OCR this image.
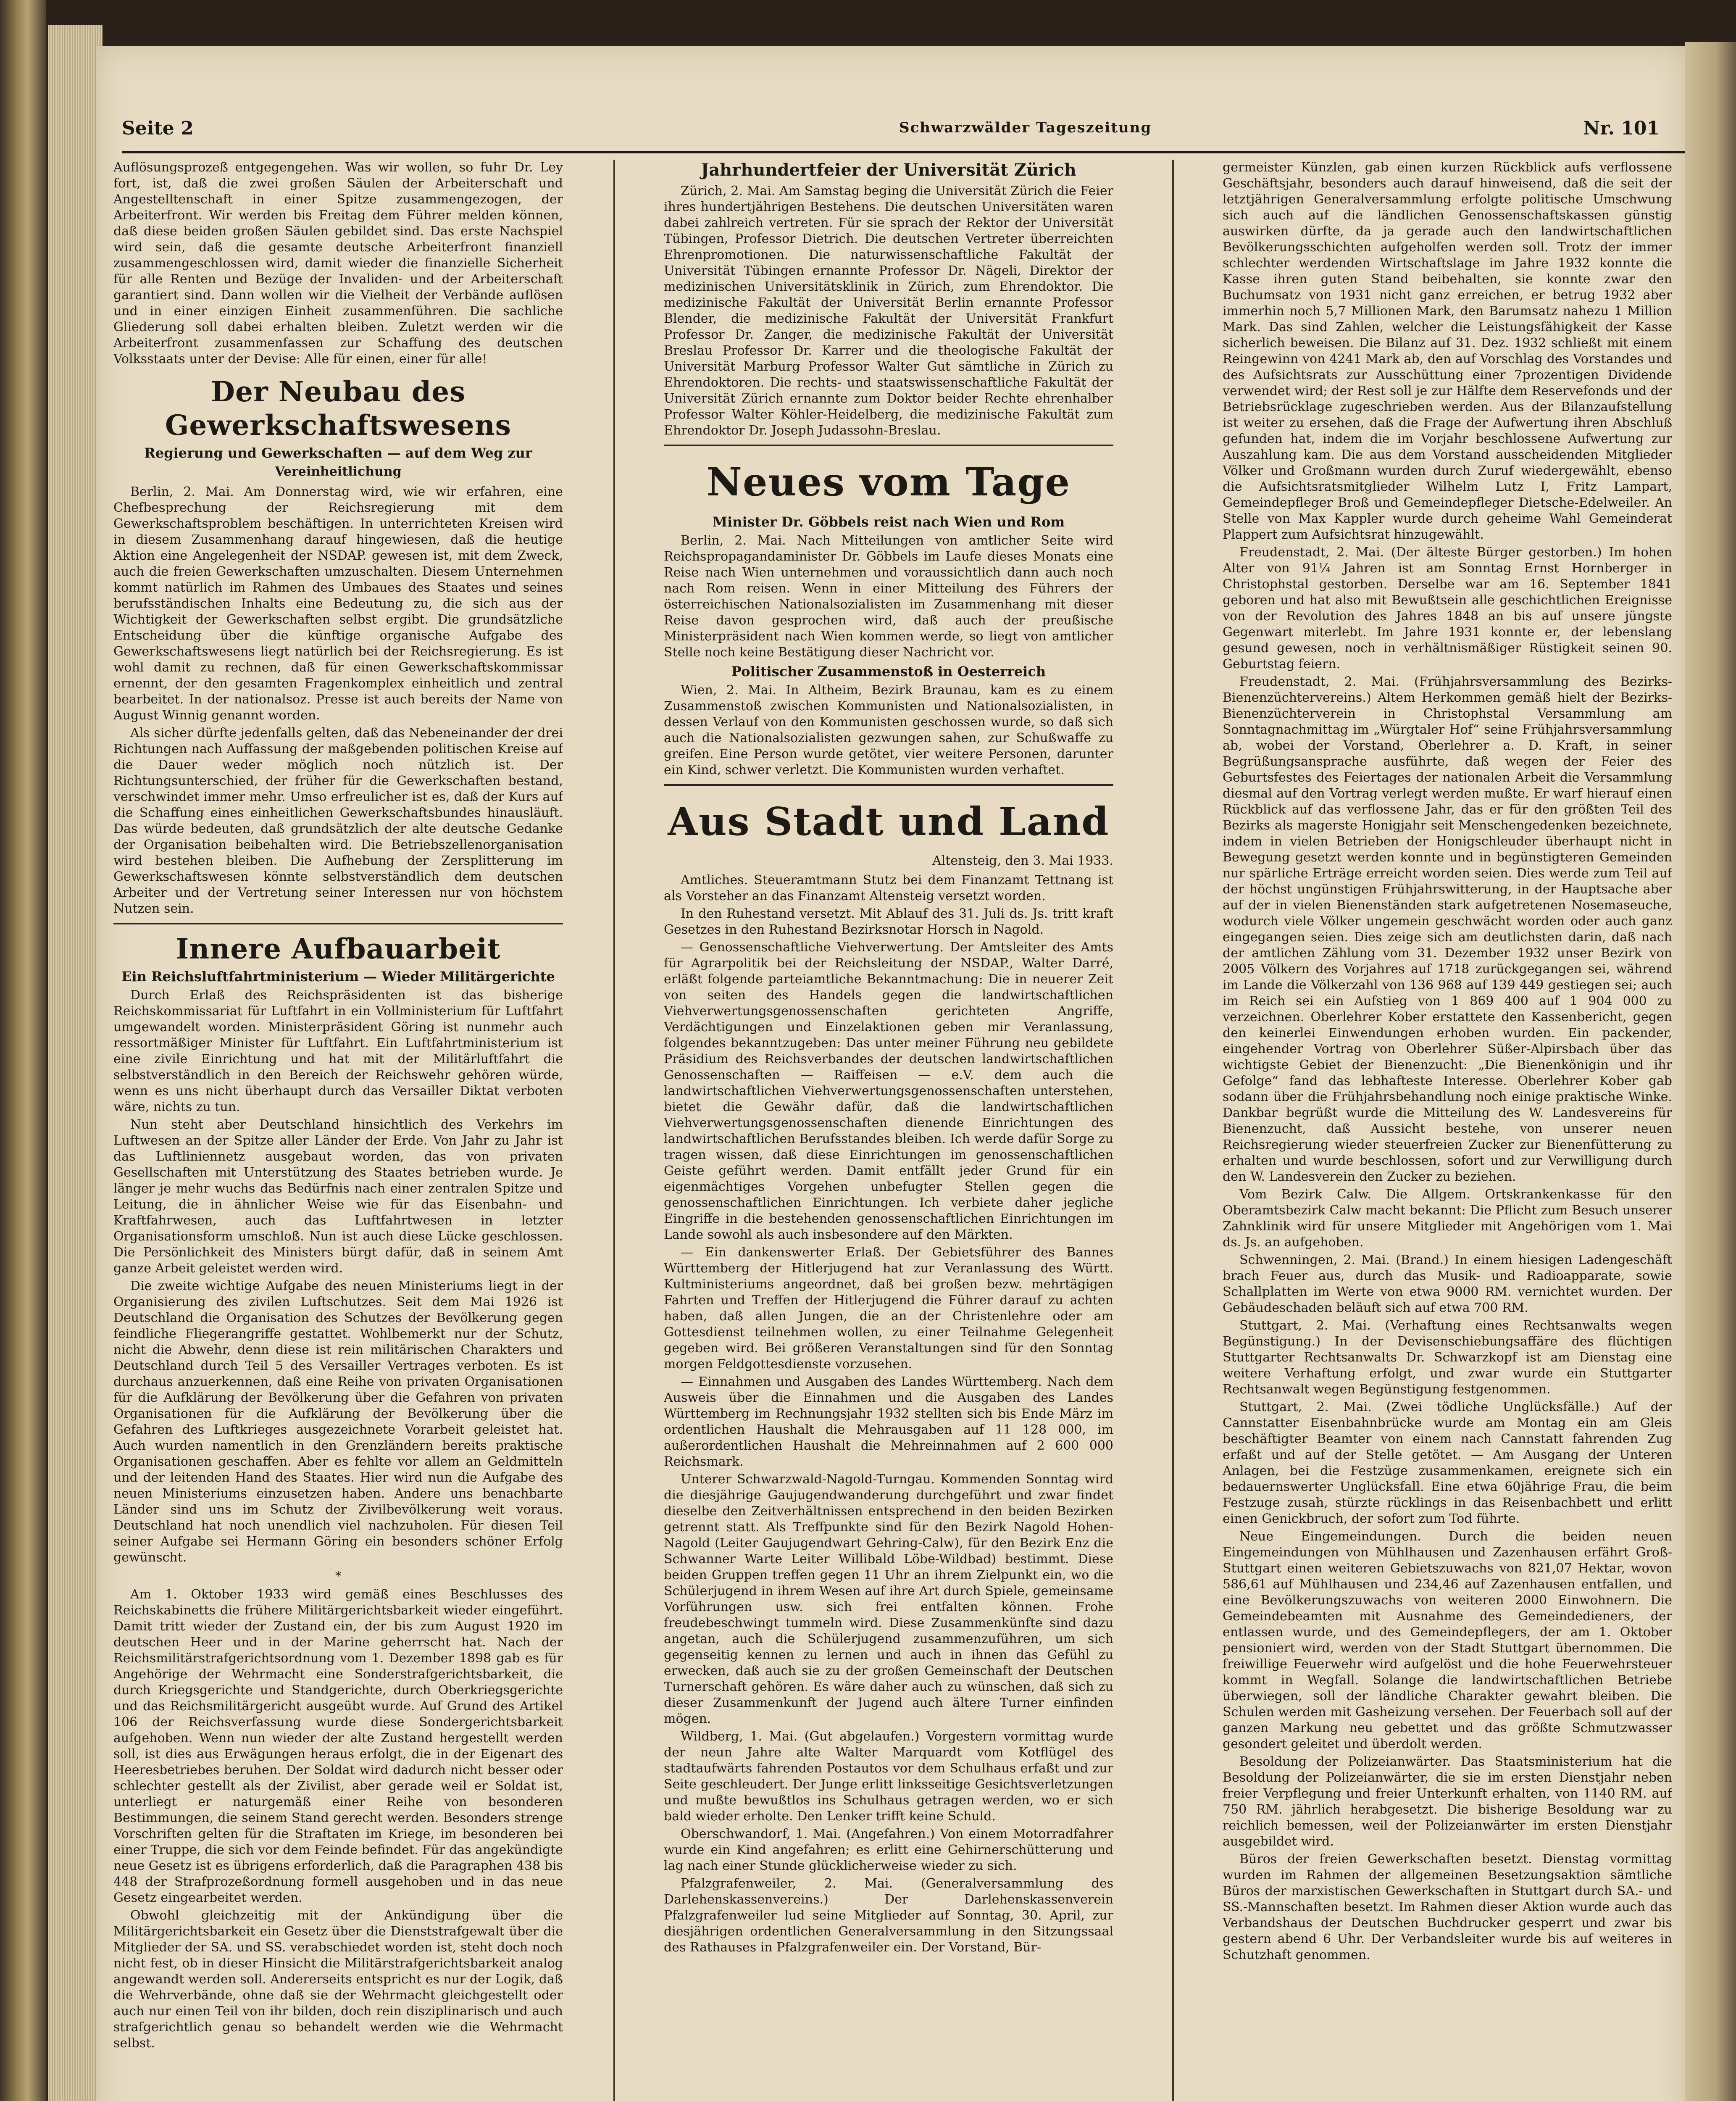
Seite 2	Schwarzwälder Tageszeitung	Nr. 101

Auflösungsprozeß entgegengehen. Was wir wollen, so fuhr Dr. Ley fort, ist, daß die zwei großen Säulen der Arbeiterschaft und Angestelltenschaft in einer Spitze zusammengezogen, der Arbeiterfront. Wir werden bis Freitag dem Führer melden können, daß diese beiden großen Säulen gebildet sind. Das erste Nachspiel wird sein, daß die gesamte deutsche Arbeiterfront finanziell zusammengeschlossen wird, damit wieder die finanzielle Sicherheit für alle Renten und Bezüge der Invaliden- und der Arbeiterschaft garantiert sind. Dann wollen wir die Vielheit der Verbände auflösen und in einer einzigen Einheit zusammenführen. Die sachliche Gliederung soll dabei erhalten bleiben. Zuletzt werden wir die Arbeiterfront zusammenfassen zur Schaffung des deutschen Volksstaats unter der Devise: Alle für einen, einer für alle!

Der Neubau des Gewerkschaftswesens
Regierung und Gewerkschaften — auf dem Weg zur
Vereinheitlichung

Berlin, 2. Mai. Am Donnerstag wird, wie wir erfahren, eine Chefbesprechung der Reichsregierung mit dem Gewerkschaftsproblem beschäftigen. In unterrichteten Kreisen wird in diesem Zusammenhang darauf hingewiesen, daß die heutige Aktion eine Angelegenheit der NSDAP. gewesen ist, mit dem Zweck, auch die freien Gewerkschaften umzuschalten. Diesem Unternehmen kommt natürlich im Rahmen des Umbaues des Staates und seines berufsständischen Inhalts eine Bedeutung zu, die sich aus der Wichtigkeit der Gewerkschaften selbst ergibt. Die grundsätzliche Entscheidung über die künftige organische Aufgabe des Gewerkschaftswesens liegt natürlich bei der Reichsregierung. Es ist wohl damit zu rechnen, daß für einen Gewerkschaftskommissar ernennt, der den gesamten Fragenkomplex einheitlich und zentral bearbeitet. In der nationalsoz. Presse ist auch bereits der Name von August Winnig genannt worden.

Als sicher dürfte jedenfalls gelten, daß das Nebeneinander der drei Richtungen nach Auffassung der maßgebenden politischen Kreise auf die Dauer weder möglich noch nützlich ist. Der Richtungsunterschied, der früher für die Gewerkschaften bestand, verschwindet immer mehr. Umso erfreulicher ist es, daß der Kurs auf die Schaffung eines einheitlichen Gewerkschaftsbundes hinausläuft. Das würde bedeuten, daß grundsätzlich der alte deutsche Gedanke der Organisation beibehalten wird. Die Betriebszellenorganisation wird bestehen bleiben. Die Aufhebung der Zersplitterung im Gewerkschaftswesen könnte selbstverständlich dem deutschen Arbeiter und der Vertretung seiner Interessen nur von höchstem Nutzen sein.

Innere Aufbauarbeit
Ein Reichsluftfahrtministerium — Wieder Militärgerichte

Durch Erlaß des Reichspräsidenten ist das bisherige Reichskommissariat für Luftfahrt in ein Vollministerium für Luftfahrt umgewandelt worden. Ministerpräsident Göring ist nunmehr auch ressortmäßiger Minister für Luftfahrt. Ein Luftfahrtministerium ist eine zivile Einrichtung und hat mit der Militärluftfahrt die selbstverständlich in den Bereich der Reichswehr gehören würde, wenn es uns nicht überhaupt durch das Versailler Diktat verboten wäre, nichts zu tun.

Nun steht aber Deutschland hinsichtlich des Verkehrs im Luftwesen an der Spitze aller Länder der Erde. Von Jahr zu Jahr ist das Luftliniennetz ausgebaut worden, das von privaten Gesellschaften mit Unterstützung des Staates betrieben wurde. Je länger je mehr wuchs das Bedürfnis nach einer zentralen Spitze und Leitung, die in ähnlicher Weise wie für das Eisenbahn- und Kraftfahrwesen, auch das Luftfahrtwesen in letzter Organisationsform umschloß. Nun ist auch diese Lücke geschlossen. Die Persönlichkeit des Ministers bürgt dafür, daß in seinem Amt ganze Arbeit geleistet werden wird.

Die zweite wichtige Aufgabe des neuen Ministeriums liegt in der Organisierung des zivilen Luftschutzes. Seit dem Mai 1926 ist Deutschland die Organisation des Schutzes der Bevölkerung gegen feindliche Fliegerangriffe gestattet. Wohlbemerkt nur der Schutz, nicht die Abwehr, denn diese ist rein militärischen Charakters und Deutschland durch Teil 5 des Versailler Vertrages verboten. Es ist durchaus anzuerkennen, daß eine Reihe von privaten Organisationen für die Aufklärung der Bevölkerung über die Gefahren von privaten Organisationen für die Aufklärung der Bevölkerung über die Gefahren des Luftkrieges ausgezeichnete Vorarbeit geleistet hat. Auch wurden namentlich in den Grenzländern bereits praktische Organisationen geschaffen. Aber es fehlte vor allem an Geldmitteln und der leitenden Hand des Staates. Hier wird nun die Aufgabe des neuen Ministeriums einzusetzen haben. Andere uns benachbarte Länder sind uns im Schutz der Zivilbevölkerung weit voraus. Deutschland hat noch unendlich viel nachzuholen. Für diesen Teil seiner Aufgabe sei Hermann Göring ein besonders schöner Erfolg gewünscht.

*

Am 1. Oktober 1933 wird gemäß eines Beschlusses des Reichskabinetts die frühere Militärgerichtsbarkeit wieder eingeführt. Damit tritt wieder der Zustand ein, der bis zum August 1920 im deutschen Heer und in der Marine geherrscht hat. Nach der Reichsmilitärstrafgerichtsordnung vom 1. Dezember 1898 gab es für Angehörige der Wehrmacht eine Sonderstrafgerichtsbarkeit, die durch Kriegsgerichte und Standgerichte, durch Oberkriegsgerichte und das Reichsmilitärgericht ausgeübt wurde. Auf Grund des Artikel 106 der Reichsverfassung wurde diese Sondergerichtsbarkeit aufgehoben. Wenn nun wieder der alte Zustand hergestellt werden soll, ist dies aus Erwägungen heraus erfolgt, die in der Eigenart des Heeresbetriebes beruhen. Der Soldat wird dadurch nicht besser oder schlechter gestellt als der Zivilist, aber gerade weil er Soldat ist, unterliegt er naturgemäß einer Reihe von besonderen Bestimmungen, die seinem Stand gerecht werden. Besonders strenge Vorschriften gelten für die Straftaten im Kriege, im besonderen bei einer Truppe, die sich vor dem Feinde befindet. Für das angekündigte neue Gesetz ist es übrigens erforderlich, daß die Paragraphen 438 bis 448 der Strafprozeßordnung formell ausgehoben und in das neue Gesetz eingearbeitet werden.

Obwohl gleichzeitig mit der Ankündigung über die Militärgerichtsbarkeit ein Gesetz über die Dienststrafgewalt über die Mitglieder der SA. und SS. verabschiedet worden ist, steht doch noch nicht fest, ob in dieser Hinsicht die Militärstrafgerichtsbarkeit analog angewandt werden soll. Andererseits entspricht es nur der Logik, daß die Wehrverbände, ohne daß sie der Wehrmacht gleichgestellt oder auch nur einen Teil von ihr bilden, doch rein disziplinarisch und auch strafgerichtlich genau so behandelt werden wie die Wehrmacht selbst.

Jahrhundertfeier der Universität Zürich

Zürich, 2. Mai. Am Samstag beging die Universität Zürich die Feier ihres hundertjährigen Bestehens. Die deutschen Universitäten waren dabei zahlreich vertreten. Für sie sprach der Rektor der Universität Tübingen, Professor Dietrich. Die deutschen Vertreter überreichten Ehrenpromotionen. Die naturwissenschaftliche Fakultät der Universität Tübingen ernannte Professor Dr. Nägeli, Direktor der medizinischen Universitätsklinik in Zürich, zum Ehrendoktor. Die medizinische Fakultät der Universität Berlin ernannte Professor Blender, die medizinische Fakultät der Universität Frankfurt Professor Dr. Zanger, die medizinische Fakultät der Universität Breslau Professor Dr. Karrer und die theologische Fakultät der Universität Marburg Professor Walter Gut sämtliche in Zürich zu Ehrendoktoren. Die rechts- und staatswissenschaftliche Fakultät der Universität Zürich ernannte zum Doktor beider Rechte ehrenhalber Professor Walter Köhler-Heidelberg, die medizinische Fakultät zum Ehrendoktor Dr. Joseph Judassohn-Breslau.

Neues vom Tage
Minister Dr. Göbbels reist nach Wien und Rom

Berlin, 2. Mai. Nach Mitteilungen von amtlicher Seite wird Reichspropagandaminister Dr. Göbbels im Laufe dieses Monats eine Reise nach Wien unternehmen und voraussichtlich dann auch noch nach Rom reisen. Wenn in einer Mitteilung des Führers der österreichischen Nationalsozialisten im Zusammenhang mit dieser Reise davon gesprochen wird, daß auch der preußische Ministerpräsident nach Wien kommen werde, so liegt von amtlicher Stelle noch keine Bestätigung dieser Nachricht vor.

Politischer Zusammenstoß in Oesterreich

Wien, 2. Mai. In Altheim, Bezirk Braunau, kam es zu einem Zusammenstoß zwischen Kommunisten und Nationalsozialisten, in dessen Verlauf von den Kommunisten geschossen wurde, so daß sich auch die Nationalsozialisten gezwungen sahen, zur Schußwaffe zu greifen. Eine Person wurde getötet, vier weitere Personen, darunter ein Kind, schwer verletzt. Die Kommunisten wurden verhaftet.

Aus Stadt und Land
Altensteig, den 3. Mai 1933.

Amtliches. Steueramtmann Stutz bei dem Finanzamt Tettnang ist als Vorsteher an das Finanzamt Altensteig versetzt worden.

In den Ruhestand versetzt. Mit Ablauf des 31. Juli ds. Js. tritt kraft Gesetzes in den Ruhestand Bezirksnotar Horsch in Nagold.

— Genossenschaftliche Viehverwertung. Der Amtsleiter des Amts für Agrarpolitik bei der Reichsleitung der NSDAP., Walter Darré, erläßt folgende parteiamtliche Bekanntmachung: Die in neuerer Zeit von seiten des Handels gegen die landwirtschaftlichen Viehverwertungsgenossenschaften gerichteten Angriffe, Verdächtigungen und Einzelaktionen geben mir Veranlassung, folgendes bekanntzugeben: Das unter meiner Führung neu gebildete Präsidium des Reichsverbandes der deutschen landwirtschaftlichen Genossenschaften — Raiffeisen — e.V. dem auch die landwirtschaftlichen Viehverwertungsgenossenschaften unterstehen, bietet die Gewähr dafür, daß die landwirtschaftlichen Viehverwertungsgenossenschaften dienende Einrichtungen des landwirtschaftlichen Berufsstandes bleiben. Ich werde dafür Sorge zu tragen wissen, daß diese Einrichtungen im genossenschaftlichen Geiste geführt werden. Damit entfällt jeder Grund für ein eigenmächtiges Vorgehen unbefugter Stellen gegen die genossenschaftlichen Einrichtungen. Ich verbiete daher jegliche Eingriffe in die bestehenden genossenschaftlichen Einrichtungen im Lande sowohl als auch insbesondere auf den Märkten.

— Ein dankenswerter Erlaß. Der Gebietsführer des Bannes Württemberg der Hitlerjugend hat zur Veranlassung des Württ. Kultministeriums angeordnet, daß bei großen bezw. mehrtägigen Fahrten und Treffen der Hitlerjugend die Führer darauf zu achten haben, daß allen Jungen, die an der Christenlehre oder am Gottesdienst teilnehmen wollen, zu einer Teilnahme Gelegenheit gegeben wird. Bei größeren Veranstaltungen sind für den Sonntag morgen Feldgottesdienste vorzusehen.

— Einnahmen und Ausgaben des Landes Württemberg. Nach dem Ausweis über die Einnahmen und die Ausgaben des Landes Württemberg im Rechnungsjahr 1932 stellten sich bis Ende März im ordentlichen Haushalt die Mehrausgaben auf 11 128 000, im außerordentlichen Haushalt die Mehreinnahmen auf 2 600 000 Reichsmark.

Unterer Schwarzwald-Nagold-Turngau. Kommenden Sonntag wird die diesjährige Gaujugendwanderung durchgeführt und zwar findet dieselbe den Zeitverhältnissen entsprechend in den beiden Bezirken getrennt statt. Als Treffpunkte sind für den Bezirk Nagold Hohen-Nagold (Leiter Gaujugendwart Gehring-Calw), für den Bezirk Enz die Schwanner Warte Leiter Willibald Löbe-Wildbad) bestimmt. Diese beiden Gruppen treffen gegen 11 Uhr an ihrem Zielpunkt ein, wo die Schülerjugend in ihrem Wesen auf ihre Art durch Spiele, gemeinsame Vorführungen usw. sich frei entfalten können. Frohe freudebeschwingt tummeln wird. Diese Zusammenkünfte sind dazu angetan, auch die Schülerjugend zusammenzuführen, um sich gegenseitig kennen zu lernen und auch in ihnen das Gefühl zu erwecken, daß auch sie zu der großen Gemeinschaft der Deutschen Turnerschaft gehören. Es wäre daher auch zu wünschen, daß sich zu dieser Zusammenkunft der Jugend auch ältere Turner einfinden mögen.

Wildberg, 1. Mai. (Gut abgelaufen.) Vorgestern vormittag wurde der neun Jahre alte Walter Marquardt vom Kotflügel des stadtaufwärts fahrenden Postautos vor dem Schulhaus erfaßt und zur Seite geschleudert. Der Junge erlitt linksseitige Gesichtsverletzungen und mußte bewußtlos ins Schulhaus getragen werden, wo er sich bald wieder erholte. Den Lenker trifft keine Schuld.

Oberschwandorf, 1. Mai. (Angefahren.) Von einem Motorradfahrer wurde ein Kind angefahren; es erlitt eine Gehirnerschütterung und lag nach einer Stunde glücklicherweise wieder zu sich.

Pfalzgrafenweiler, 2. Mai. (Generalversammlung des Darlehenskassenvereins.) Der Darlehenskassenverein Pfalzgrafenweiler lud seine Mitglieder auf Sonntag, 30. April, zur diesjährigen ordentlichen Generalversammlung in den Sitzungssaal des Rathauses in Pfalzgrafenweiler ein. Der Vorstand, Bür-

germeister Künzlen, gab einen kurzen Rückblick aufs verflossene Geschäftsjahr, besonders auch darauf hinweisend, daß die seit der letztjährigen Generalversammlung erfolgte politische Umschwung sich auch auf die ländlichen Genossenschaftskassen günstig auswirken dürfte, da ja gerade auch den landwirtschaftlichen Bevölkerungsschichten aufgeholfen werden soll. Trotz der immer schlechter werdenden Wirtschaftslage im Jahre 1932 konnte die Kasse ihren guten Stand beibehalten, sie konnte zwar den Buchumsatz von 1931 nicht ganz erreichen, er betrug 1932 aber immerhin noch 5,7 Millionen Mark, den Barumsatz nahezu 1 Million Mark. Das sind Zahlen, welcher die Leistungsfähigkeit der Kasse sicherlich beweisen. Die Bilanz auf 31. Dez. 1932 schließt mit einem Reingewinn von 4241 Mark ab, den auf Vorschlag des Vorstandes und des Aufsichtsrats zur Ausschüttung einer 7prozentigen Dividende verwendet wird; der Rest soll je zur Hälfte dem Reservefonds und der Betriebsrücklage zugeschrieben werden. Aus der Bilanzaufstellung ist weiter zu ersehen, daß die Frage der Aufwertung ihren Abschluß gefunden hat, indem die im Vorjahr beschlossene Aufwertung zur Auszahlung kam. Die aus dem Vorstand ausscheidenden Mitglieder Völker und Großmann wurden durch Zuruf wiedergewählt, ebenso die Aufsichtsratsmitglieder Wilhelm Lutz I, Fritz Lampart, Gemeindepfleger Broß und Gemeindepfleger Dietsche-Edelweiler. An Stelle von Max Kappler wurde durch geheime Wahl Gemeinderat Plappert zum Aufsichtsrat hinzugewählt.

Freudenstadt, 2. Mai. (Der älteste Bürger gestorben.) Im hohen Alter von 91¼ Jahren ist am Sonntag Ernst Hornberger in Christophstal gestorben. Derselbe war am 16. September 1841 geboren und hat also mit Bewußtsein alle geschichtlichen Ereignisse von der Revolution des Jahres 1848 an bis auf unsere jüngste Gegenwart miterlebt. Im Jahre 1931 konnte er, der lebenslang gesund gewesen, noch in verhältnismäßiger Rüstigkeit seinen 90. Geburtstag feiern.

Freudenstadt, 2. Mai. (Frühjahrsversammlung des Bezirks-Bienenzüchtervereins.) Altem Herkommen gemäß hielt der Bezirks-Bienenzüchterverein in Christophstal Versammlung am Sonntagnachmittag im „Würgtaler Hof“ seine Frühjahrsversammlung ab, wobei der Vorstand, Oberlehrer a. D. Kraft, in seiner Begrüßungsansprache ausführte, daß wegen der Feier des Geburtsfestes des Feiertages der nationalen Arbeit die Versammlung diesmal auf den Vortrag verlegt werden mußte. Er warf hierauf einen Rückblick auf das verflossene Jahr, das er für den größten Teil des Bezirks als magerste Honigjahr seit Menschengedenken bezeichnete, indem in vielen Betrieben der Honigschleuder überhaupt nicht in Bewegung gesetzt werden konnte und in begünstigteren Gemeinden nur spärliche Erträge erreicht worden seien. Dies werde zum Teil auf der höchst ungünstigen Frühjahrswitterung, in der Hauptsache aber auf der in vielen Bienenständen stark aufgetretenen Nosemaseuche, wodurch viele Völker ungemein geschwächt worden oder auch ganz eingegangen seien. Dies zeige sich am deutlichsten darin, daß nach der amtlichen Zählung vom 31. Dezember 1932 unser Bezirk von 2005 Völkern des Vorjahres auf 1718 zurückgegangen sei, während im Lande die Völkerzahl von 136 968 auf 139 449 gestiegen sei; auch im Reich sei ein Aufstieg von 1 869 400 auf 1 904 000 zu verzeichnen. Oberlehrer Kober erstattete den Kassenbericht, gegen den keinerlei Einwendungen erhoben wurden. Ein packender, eingehender Vortrag von Oberlehrer Süßer-Alpirsbach über das wichtigste Gebiet der Bienenzucht: „Die Bienenkönigin und ihr Gefolge“ fand das lebhafteste Interesse. Oberlehrer Kober gab sodann über die Frühjahrsbehandlung noch einige praktische Winke. Dankbar begrüßt wurde die Mitteilung des W. Landesvereins für Bienenzucht, daß Aussicht bestehe, von unserer neuen Reichsregierung wieder steuerfreien Zucker zur Bienenfütterung zu erhalten und wurde beschlossen, sofort und zur Verwilligung durch den W. Landesverein den Zucker zu beziehen.

Vom Bezirk Calw. Die Allgem. Ortskrankenkasse für den Oberamtsbezirk Calw macht bekannt: Die Pflicht zum Besuch unserer Zahnklinik wird für unsere Mitglieder mit Angehörigen vom 1. Mai ds. Js. an aufgehoben.

Schwenningen, 2. Mai. (Brand.) In einem hiesigen Ladengeschäft brach Feuer aus, durch das Musik- und Radioapparate, sowie Schallplatten im Werte von etwa 9000 RM. vernichtet wurden. Der Gebäudeschaden beläuft sich auf etwa 700 RM.

Stuttgart, 2. Mai. (Verhaftung eines Rechtsanwalts wegen Begünstigung.) In der Devisenschiebungsaffäre des flüchtigen Stuttgarter Rechtsanwalts Dr. Schwarzkopf ist am Dienstag eine weitere Verhaftung erfolgt, und zwar wurde ein Stuttgarter Rechtsanwalt wegen Begünstigung festgenommen.

Stuttgart, 2. Mai. (Zwei tödliche Unglücksfälle.) Auf der Cannstatter Eisenbahnbrücke wurde am Montag ein am Gleis beschäftigter Beamter von einem nach Cannstatt fahrenden Zug erfaßt und auf der Stelle getötet. — Am Ausgang der Unteren Anlagen, bei die Festzüge zusammenkamen, ereignete sich ein bedauernswerter Unglücksfall. Eine etwa 60jährige Frau, die beim Festzuge zusah, stürzte rücklings in das Reisenbachbett und erlitt einen Genickbruch, der sofort zum Tod führte.

Neue Eingemeindungen. Durch die beiden neuen Eingemeindungen von Mühlhausen und Zazenhausen erfährt Groß-Stuttgart einen weiteren Gebietszuwachs von 821,07 Hektar, wovon 586,61 auf Mühlhausen und 234,46 auf Zazenhausen entfallen, und eine Bevölkerungszuwachs von weiteren 2000 Einwohnern. Die Gemeindebeamten mit Ausnahme des Gemeindedieners, der entlassen wurde, und des Gemeindepflegers, der am 1. Oktober pensioniert wird, werden von der Stadt Stuttgart übernommen. Die freiwillige Feuerwehr wird aufgelöst und die hohe Feuerwehrsteuer kommt in Wegfall. Solange die landwirtschaftlichen Betriebe überwiegen, soll der ländliche Charakter gewahrt bleiben. Die Schulen werden mit Gasheizung versehen. Der Feuerbach soll auf der ganzen Markung neu gebettet und das größte Schmutzwasser gesondert geleitet und überdolt werden.

Besoldung der Polizeianwärter. Das Staatsministerium hat die Besoldung der Polizeianwärter, die sie im ersten Dienstjahr neben freier Verpflegung und freier Unterkunft erhalten, von 1140 RM. auf 750 RM. jährlich herabgesetzt. Die bisherige Besoldung war zu reichlich bemessen, weil der Polizeianwärter im ersten Dienstjahr ausgebildet wird.

Büros der freien Gewerkschaften besetzt. Dienstag vormittag wurden im Rahmen der allgemeinen Besetzungsaktion sämtliche Büros der marxistischen Gewerkschaften in Stuttgart durch SA.- und SS.-Mannschaften besetzt. Im Rahmen dieser Aktion wurde auch das Verbandshaus der Deutschen Buchdrucker gesperrt und zwar bis gestern abend 6 Uhr. Der Verbandsleiter wurde bis auf weiteres in Schutzhaft genommen.
